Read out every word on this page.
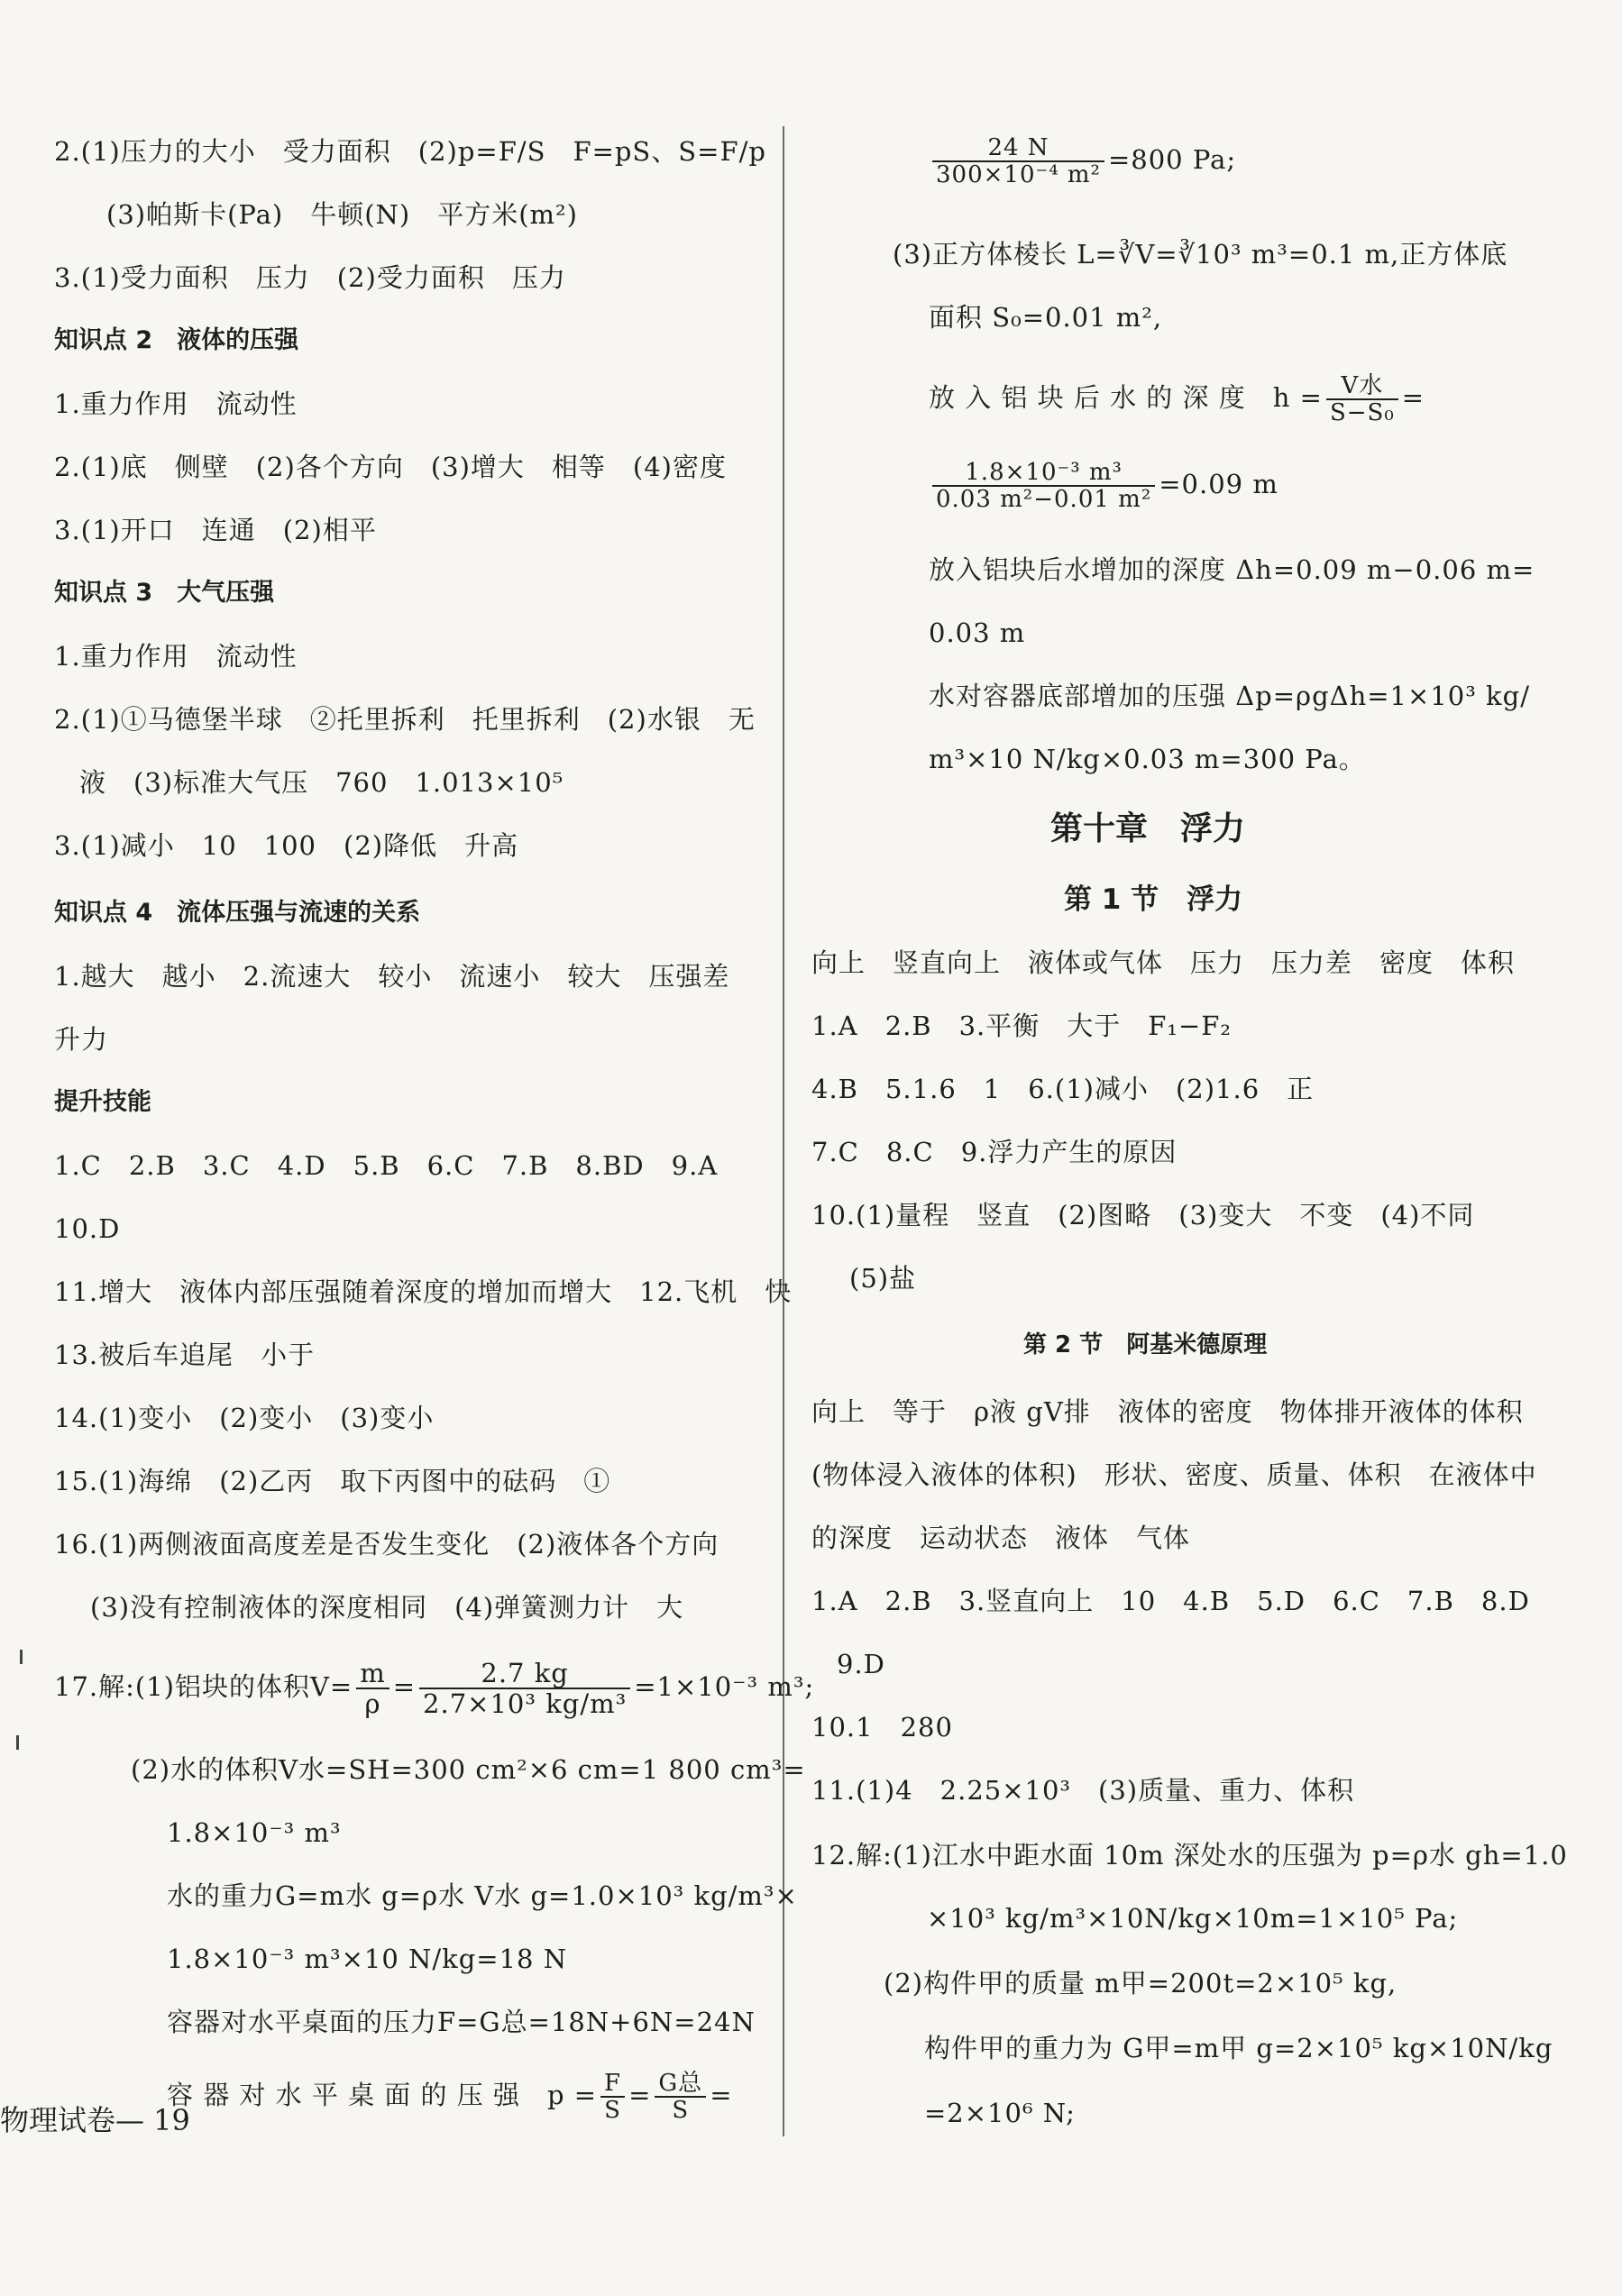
2.(1)压力的大小　受力面积　(2)p=F/S　F=pS、S=F/p
(3)帕斯卡(Pa)　牛顿(N)　平方米(m²)
3.(1)受力面积　压力　(2)受力面积　压力
知识点 2　液体的压强
1.重力作用　流动性
2.(1)底　侧壁　(2)各个方向　(3)增大　相等　(4)密度
3.(1)开口　连通　(2)相平
知识点 3　大气压强
1.重力作用　流动性
2.(1)①马德堡半球　②托里拆利　托里拆利　(2)水银　无
液　(3)标准大气压　760　1.013×10⁵
3.(1)减小　10　100　(2)降低　升高
知识点 4　流体压强与流速的关系
1.越大　越小　2.流速大　较小　流速小　较大　压强差
升力
提升技能
1.C　2.B　3.C　4.D　5.B　6.C　7.B　8.BD　9.A
10.D
11.增大　液体内部压强随着深度的增加而增大　12.飞机　快
13.被后车追尾　小于
14.(1)变小　(2)变小　(3)变小
15.(1)海绵　(2)乙丙　取下丙图中的砝码　①
16.(1)两侧液面高度差是否发生变化　(2)液体各个方向
(3)没有控制液体的深度相同　(4)弹簧测力计　大
17.解:(1)铝块的体积$V= \frac{m}{\rho} = \frac{2.7 kg}{\text{2.7×10³ kg/m³}} =1\times 10^{-3}$ m³;
(2)水的体积V水=SH=300 cm²×6 cm=1 800 cm³=
1.8×10⁻³ m³
水的重力G=m水 g=ρ水 V水 g=1.0×10³ kg/m³×
1.8×10⁻³ m³×10 N/kg=18 N
容器对水平桌面的压力F=G总=18N+6N=24N
容 器 对 水 平 桌 面 的 压 强　$p = \frac{F}{S} = \frac{\text{G总}}{S}$ =
$\frac{24 N}{\text{300×10⁻⁴ m²}} =800$ Pa;
(3)正方体棱长 L=∛V=∛10³ m³=0.1 m,正方体底
面积 S₀=0.01 m²,
放 入 铝 块 后 水 的 深 度　$h = \frac{\text{V水}}{\text{S−S₀}}$ =
$\frac{\text{1.8×10⁻³ m³}}{\text{0.03 m²−0.01 m²}} =0.09$ m
放入铝块后水增加的深度 Δh=0.09 m−0.06 m=
0.03 m
水对容器底部增加的压强 Δp=ρgΔh=1×10³ kg/
m³×10 N/kg×0.03 m=300 Pa。
第十章　浮力
第 1 节　浮力
向上　竖直向上　液体或气体　压力　压力差　密度　体积
1.A　2.B　3.平衡　大于　F₁−F₂
4.B　5.1.6　1　6.(1)减小　(2)1.6　正
7.C　8.C　9.浮力产生的原因
10.(1)量程　竖直　(2)图略　(3)变大　不变　(4)不同
(5)盐
第 2 节　阿基米德原理
向上　等于　ρ液 gV排　液体的密度　物体排开液体的体积
(物体浸入液体的体积)　形状、密度、质量、体积　在液体中
的深度　运动状态　液体　气体
1.A　2.B　3.竖直向上　10　4.B　5.D　6.C　7.B　8.D
9.D
10.1　280
11.(1)4　2.25×10³　(3)质量、重力、体积
12.解:(1)江水中距水面 10m 深处水的压强为 p=ρ水 gh=1.0
×10³ kg/m³×10N/kg×10m=1×10⁵ Pa;
(2)构件甲的质量 m甲=200t=2×10⁵ kg,
构件甲的重力为 G甲=m甲 g=2×10⁵ kg×10N/kg
=2×10⁶ N;
物理试卷— 19
